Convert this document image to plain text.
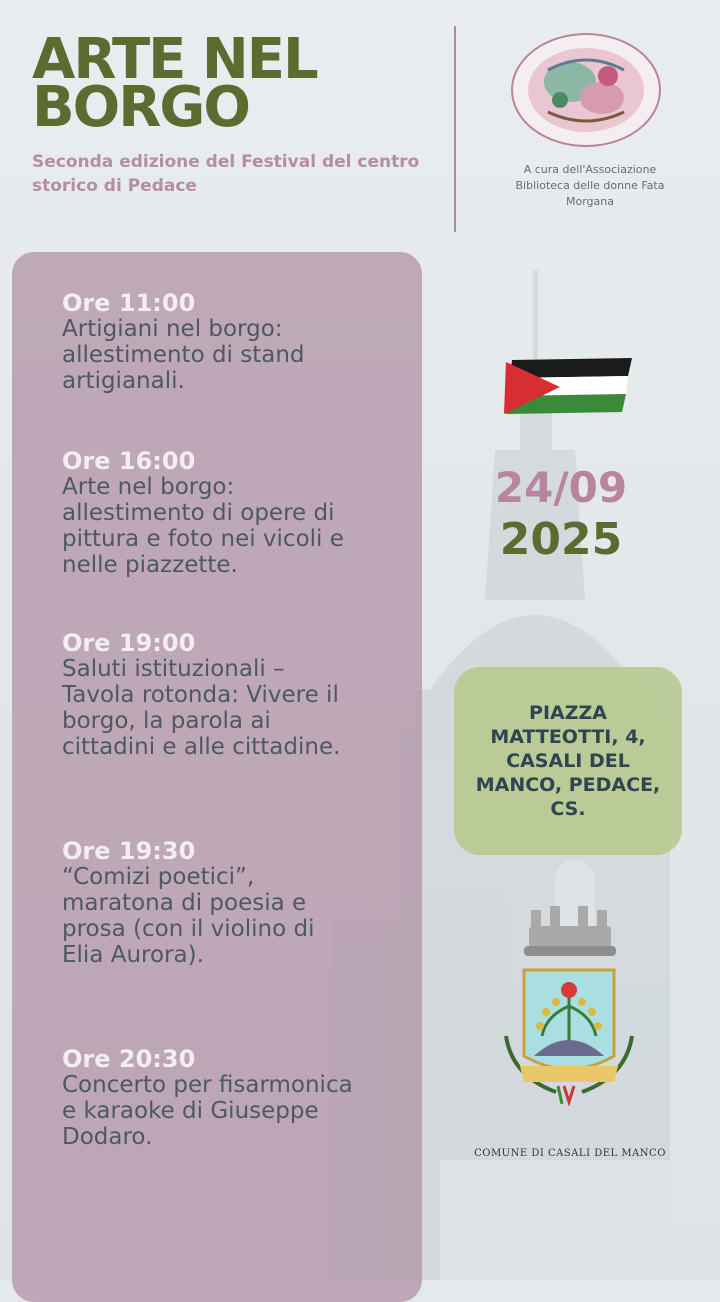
ARTE NEL
BORGO

Seconda edizione del Festival del centro storico di Pedace

A cura dell'Associazione Biblioteca delle donne Fata Morgana

Ore 11:00
Artigiani nel borgo: allestimento di stand artigianali.
Ore 16:00
Arte nel borgo: allestimento di opere di pittura e foto nei vicoli e nelle piazzette.
Ore 19:00
Saluti istituzionali – Tavola rotonda: Vivere il borgo, la parola ai cittadini e alle cittadine.
Ore 19:30
“Comizi poetici”, maratona di poesia e prosa (con il violino di Elia Aurora).
Ore 20:30
Concerto per fisarmonica e karaoke di Giuseppe Dodaro.
24/09
2025
PIAZZA MATTEOTTI, 4, CASALI DEL MANCO, PEDACE, CS.

COMUNE DI CASALI DEL MANCO
